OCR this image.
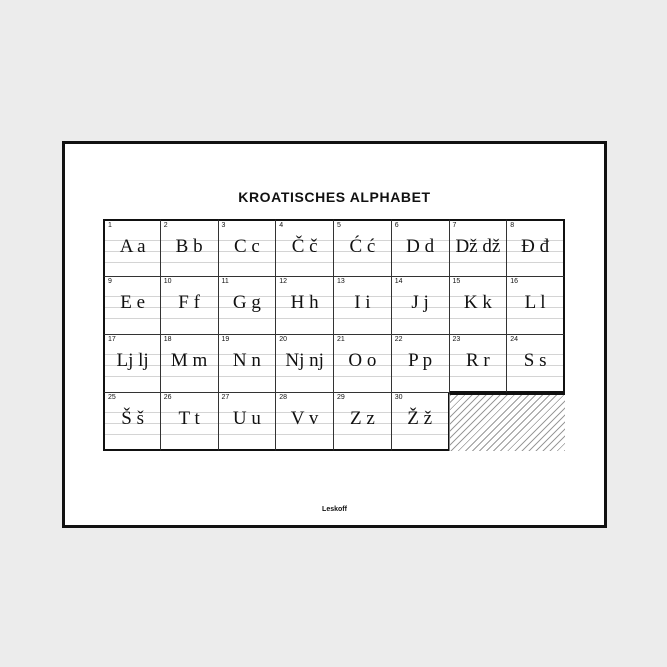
KROATISCHES ALPHABET
1
A a
2
B b
3
C c
4
Č č
5
Ć ć
6
D d
7
Dž dž
8
Đ đ
9
E e
10
F f
11
G g
12
H h
13
I i
14
J j
15
K k
16
L l
17
Lj lj
18
M m
19
N n
20
Nj nj
21
O o
22
P p
23
R r
24
S s
25
Š š
26
T t
27
U u
28
V v
29
Z z
30
Ž ž
Leskoff
